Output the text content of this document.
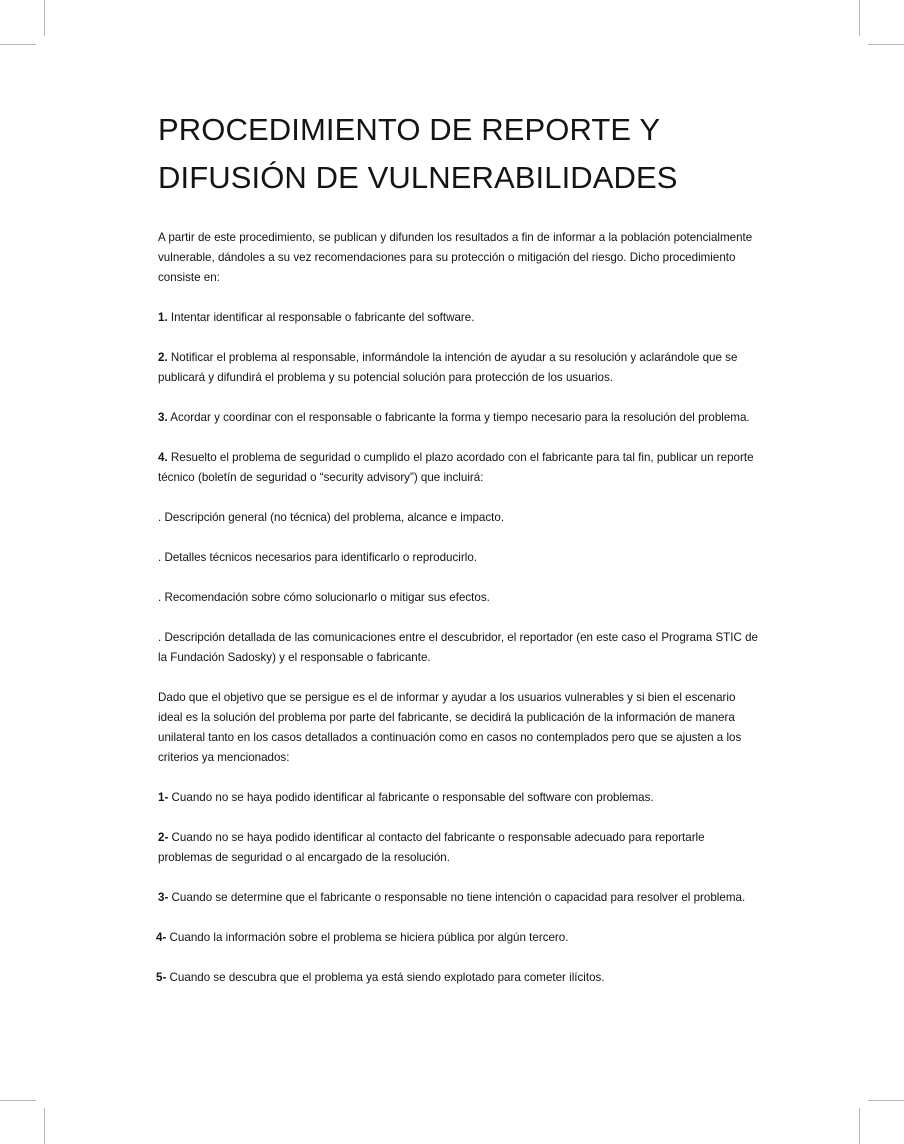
PROCEDIMIENTO DE REPORTE Y
DIFUSIÓN DE VULNERABILIDADES

A partir de este procedimiento, se publican y difunden los resultados a fin de informar a la población potencialmente vulnerable, dándoles a su vez recomendaciones para su protección o mitigación del riesgo. Dicho procedimiento consiste en:

1. Intentar identificar al responsable o fabricante del software.

2. Notificar el problema al responsable, informándole la intención de ayudar a su resolución y aclarándole que se publicará y difundirá el problema y su potencial solución para protección de los usuarios.

3. Acordar y coordinar con el responsable o fabricante la forma y tiempo necesario para la resolución del problema.

4. Resuelto el problema de seguridad o cumplido el plazo acordado con el fabricante para tal fin, publicar un reporte técnico (boletín de seguridad o “security advisory”) que incluirá:

. Descripción general (no técnica) del problema, alcance e impacto.

. Detalles técnicos necesarios para identificarlo o reproducirlo.

. Recomendación sobre cómo solucionarlo o mitigar sus efectos.

. Descripción detallada de las comunicaciones entre el descubridor, el reportador (en este caso el Programa STIC de la Fundación Sadosky) y el responsable o fabricante.

Dado que el objetivo que se persigue es el de informar y ayudar a los usuarios vulnerables y si bien el escenario ideal es la solución del problema por parte del fabricante, se decidirá la publicación de la información de manera unilateral tanto en los casos detallados a continuación como en casos no contemplados pero que se ajusten a los criterios ya mencionados:

1- Cuando no se haya podido identificar al fabricante o responsable del software con problemas.

2- Cuando no se haya podido identificar al contacto del fabricante o responsable adecuado para reportarle problemas de seguridad o al encargado de la resolución.

3- Cuando se determine que el fabricante o responsable no tiene intención o capacidad para resolver el problema.

4- Cuando la información sobre el problema se hiciera pública por algún tercero.

5- Cuando se descubra que el problema ya está siendo explotado para cometer ilícitos.
